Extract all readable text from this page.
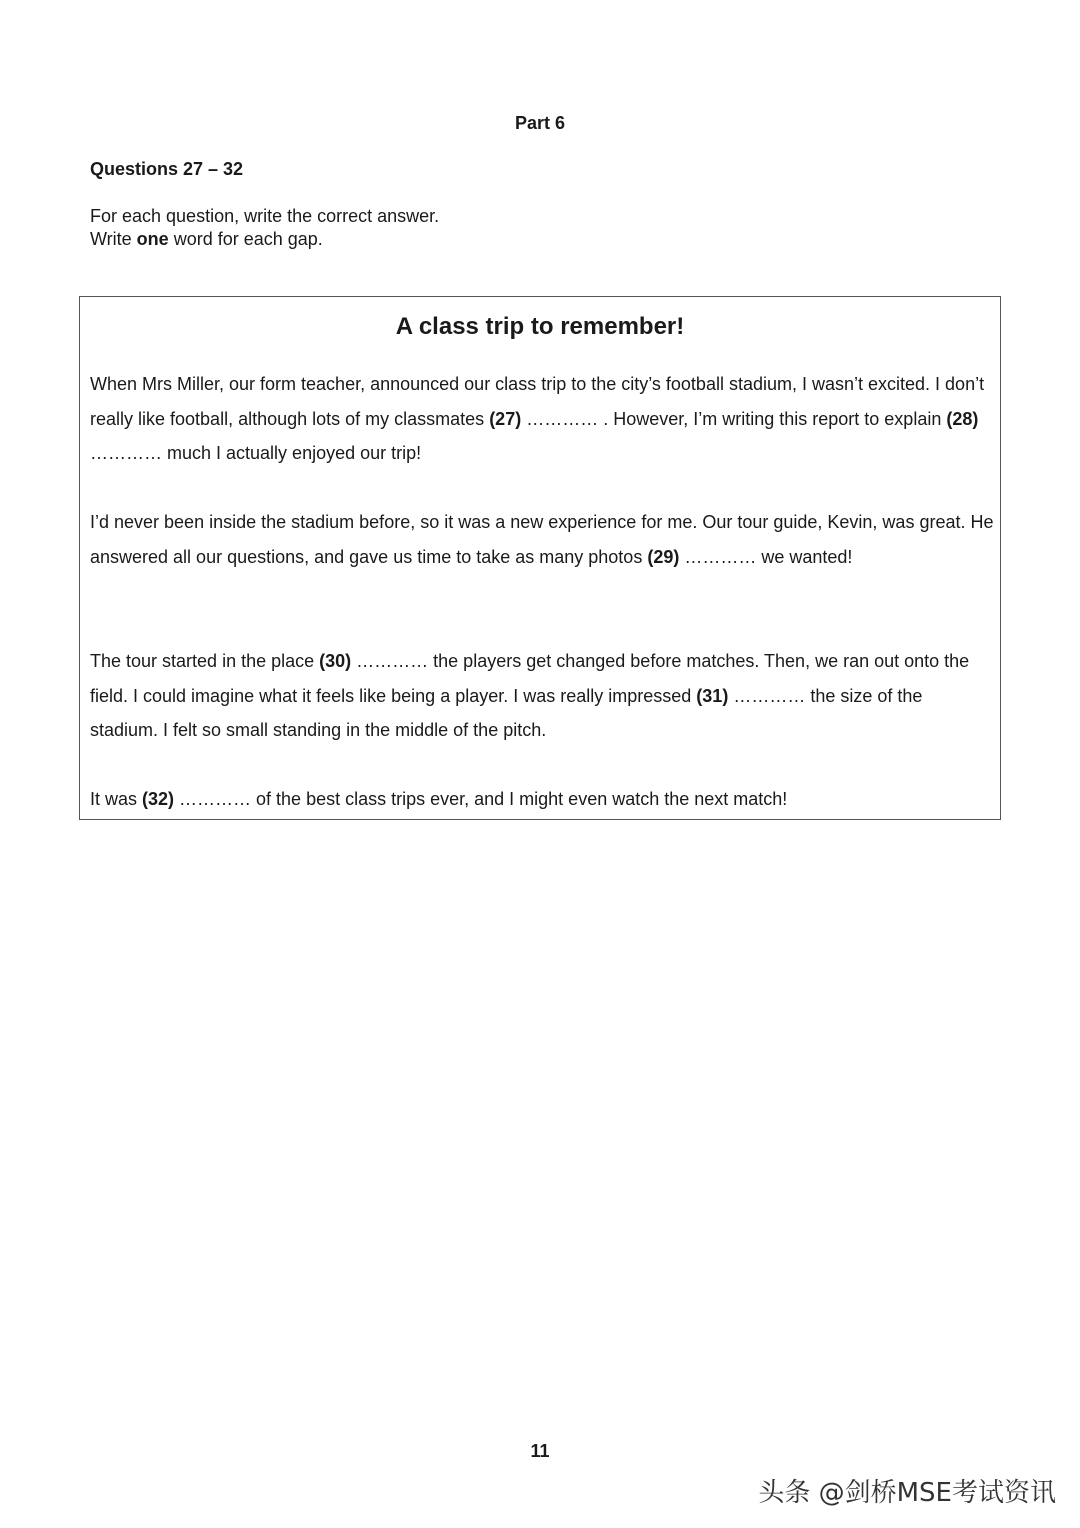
Part 6
Questions 27 – 32
For each question, write the correct answer.
Write one word for each gap.
A class trip to remember!
When Mrs Miller, our form teacher, announced our class trip to the city’s football stadium, I wasn’t excited. I don’t really like football, although lots of my classmates (27) ………… . However, I’m writing this report to explain (28) ………… much I actually enjoyed our trip!
I’d never been inside the stadium before, so it was a new experience for me. Our tour guide, Kevin, was great. He answered all our questions, and gave us time to take as many photos (29) ………… we wanted!
The tour started in the place (30) ………… the players get changed before matches. Then, we ran out onto the field. I could imagine what it feels like being a player. I was really impressed (31) ………… the size of the stadium. I felt so small standing in the middle of the pitch.
It was (32) ………… of the best class trips ever, and I might even watch the next match!
11
头条 @剑桥MSE考试资讯
